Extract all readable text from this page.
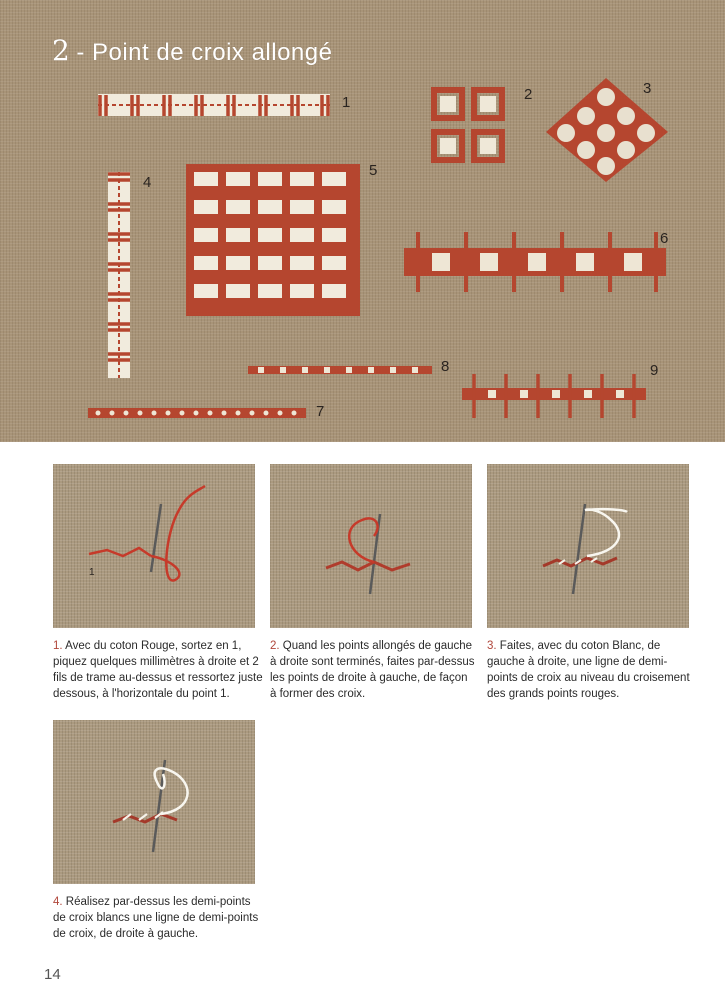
2 - Point de croix allongé
1	2	3
4
5
6
7
8	9
1
1. Avec du coton Rouge, sortez en 1, piquez quelques millimètres à droite et 2 fils de trame au-dessus et ressortez juste dessous, à l'horizontale du point 1.
2. Quand les points allongés de gauche à droite sont terminés, faites par-dessus les points de droite à gauche, de façon à former des croix.
3. Faites, avec du coton Blanc, de gauche à droite, une ligne de demi-points de croix au niveau du croisement des grands points rouges.
4. Réalisez par-dessus les demi-points de croix blancs une ligne de demi-points de croix, de droite à gauche.
14
